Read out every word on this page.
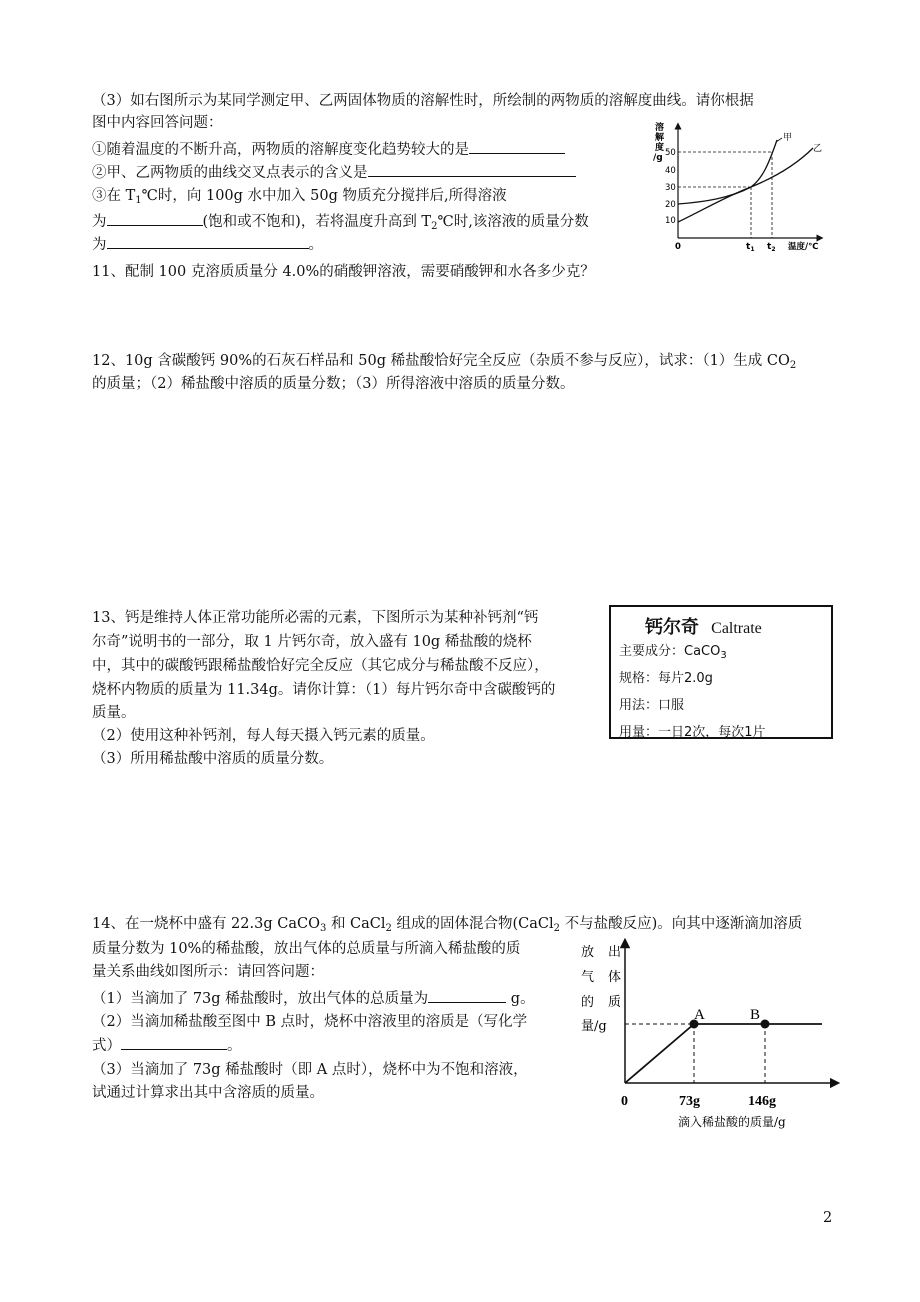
（3）如右图所示为某同学测定甲、乙两固体物质的溶解性时，所绘制的两物质的溶解度曲线。请你根据
图中内容回答问题：
①随着温度的不断升高，两物质的溶解度变化趋势较大的是
②甲、乙两物质的曲线交叉点表示的含义是
③在 $T_1℃$时，向 100g 水中加入 50g 物质充分搅拌后,所得溶液
为	(饱和或不饱和)，若将温度升高到 $T_2℃$时,该溶液的质量分数
为	。
溶
解
度
/g 50
40
30
20
10
0
甲
乙
$t_1$ $t_2$ 温度/℃
11、配制 100 克溶质质量分 4.0%的硝酸钾溶液，需要硝酸钾和水各多少克？
12、10g 含碳酸钙 90%的石灰石样品和 50g 稀盐酸恰好完全反应（杂质不参与反应），试求：（1）生成 $CO_2$
的质量；（2）稀盐酸中溶质的质量分数；（3）所得溶液中溶质的质量分数。
13、钙是维持人体正常功能所必需的元素，下图所示为某种补钙剂“钙
尔奇”说明书的一部分，取 1 片钙尔奇，放入盛有 10g 稀盐酸的烧杯
中，其中的碳酸钙跟稀盐酸恰好完全反应（其它成分与稀盐酸不反应），
烧杯内物质的质量为 11.34g。请你计算：（1）每片钙尔奇中含碳酸钙的
质量。
（2）使用这种补钙剂，每人每天摄入钙元素的质量。
（3）所用稀盐酸中溶质的质量分数。
钙尔奇 Caltrate
主要成分：CaCO$_3$
规格：每片2.0g
用法：口服
用量：一日2次，每次1片
14、在一烧杯中盛有 22.3g CaCO$_3$ 和 CaCl$_2$ 组成的固体混合物(CaCl$_2$ 不与盐酸反应)。向其中逐渐滴加溶质
质量分数为 10%的稀盐酸，放出气体的总质量与所滴入稀盐酸的质
量关系曲线如图所示：请回答问题：
（1）当滴加了 73g 稀盐酸时，放出气体的总质量为	g。
（2）当滴加稀盐酸至图中 B 点时，烧杯中溶液里的溶质是（写化学
式）	。
（3）当滴加了 73g 稀盐酸时（即 A 点时），烧杯中为不饱和溶液，
试通过计算求出其中含溶质的质量。
放
气
的
量/g
出
体
质
A	B
0	73g	146g
滴入稀盐酸的质量/g
2
